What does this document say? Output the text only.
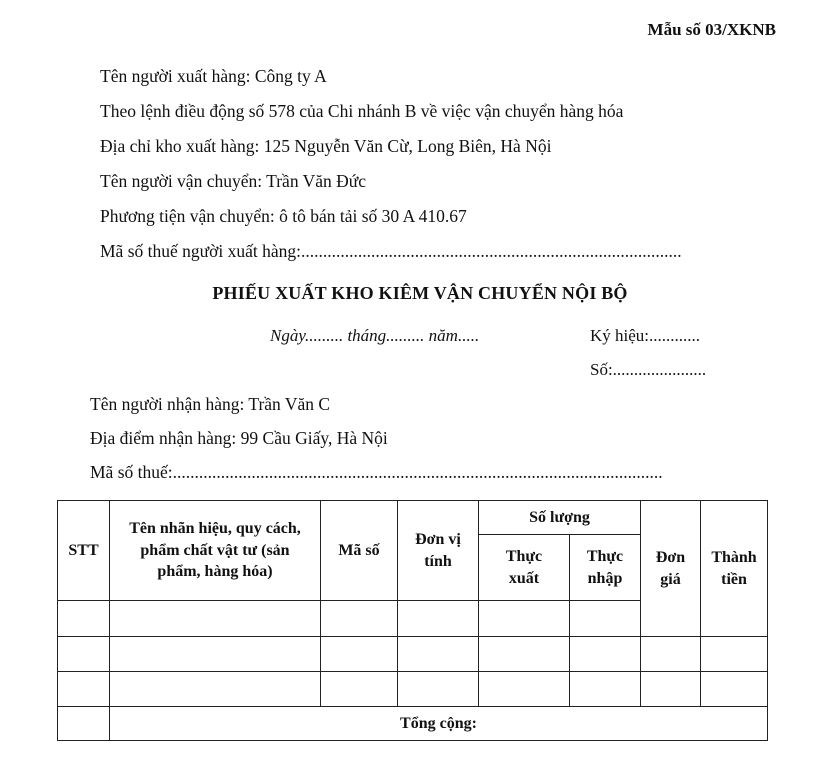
Mẫu số 03/XKNB
Tên người xuất hàng: Công ty A
Theo lệnh điều động số 578 của Chi nhánh B về việc vận chuyển hàng hóa
Địa chỉ kho xuất hàng: 125 Nguyễn Văn Cừ, Long Biên, Hà Nội
Tên người vận chuyển: Trần Văn Đức
Phương tiện vận chuyển: ô tô bán tải số 30 A 410.67
Mã số thuế người xuất hàng:.......................................................................................
PHIẾU XUẤT KHO KIÊM VẬN CHUYỂN NỘI BỘ
Ngày......... tháng......... năm.....	Ký hiệu:............
Số:......................
Tên người nhận hàng: Trần Văn C
Địa điểm nhận hàng: 99 Cầu Giấy, Hà Nội
Mã số thuế:................................................................................................................
STT	Tên nhãn hiệu, quy cách, phẩm chất vật tư (sản phẩm, hàng hóa)	Mã số	Đơn vị tính	Số lượng		Đơn giá	Thành tiền
				Thực xuất	Thực nhập		

	Tổng cộng:						
